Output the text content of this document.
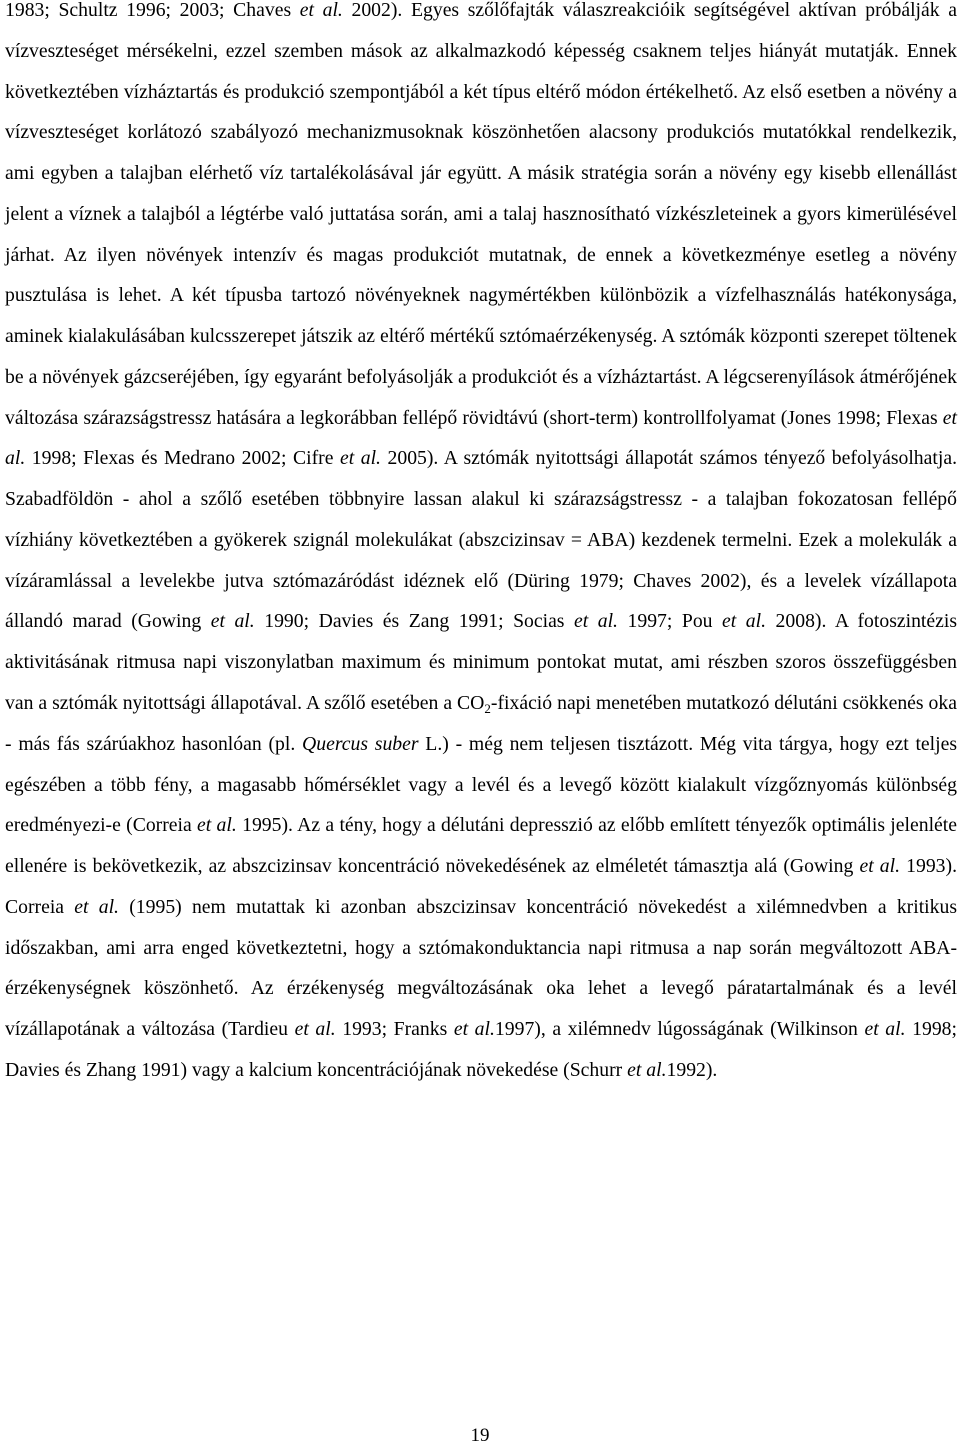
1983; Schultz 1996; 2003; Chaves et al. 2002). Egyes szőlőfajták válaszreakcióik segítségével aktívan próbálják a vízveszteséget mérsékelni, ezzel szemben mások az alkalmazkodó képesség csaknem teljes hiányát mutatják. Ennek következtében vízháztartás és produkció szempontjából a két típus eltérő módon értékelhető. Az első esetben a növény a vízveszteséget korlátozó szabályozó mechanizmusoknak köszönhetően alacsony produkciós mutatókkal rendelkezik, ami egyben a talajban elérhető víz tartalékolásával jár együtt. A másik stratégia során a növény egy kisebb ellenállást jelent a víznek a talajból a légtérbe való juttatása során, ami a talaj hasznosítható vízkészleteinek a gyors kimerülésével járhat. Az ilyen növények intenzív és magas produkciót mutatnak, de ennek a következménye esetleg a növény pusztulása is lehet. A két típusba tartozó növényeknek nagymértékben különbözik a vízfelhasználás hatékonysága, aminek kialakulásában kulcsszerepet játszik az eltérő mértékű sztómaérzékenység. A sztómák központi szerepet töltenek be a növények gázcseréjében, így egyaránt befolyásolják a produkciót és a vízháztartást. A légcserenyílások átmérőjének változása szárazságstressz hatására a legkorábban fellépő rövidtávú (short-term) kontrollfolyamat (Jones 1998; Flexas et al. 1998; Flexas és Medrano 2002; Cifre et al. 2005). A sztómák nyitottsági állapotát számos tényező befolyásolhatja. Szabadföldön - ahol a szőlő esetében többnyire lassan alakul ki szárazságstressz - a talajban fokozatosan fellépő vízhiány következtében a gyökerek szignál molekulákat (abszcizinsav = ABA) kezdenek termelni. Ezek a molekulák a vízáramlással a levelekbe jutva sztómazáródást idéznek elő (Düring 1979; Chaves 2002), és a levelek vízállapota állandó marad (Gowing et al. 1990; Davies és Zang 1991; Socias et al. 1997; Pou et al. 2008). A fotoszintézis aktivitásának ritmusa napi viszonylatban maximum és minimum pontokat mutat, ami részben szoros összefüggésben van a sztómák nyitottsági állapotával. A szőlő esetében a $CO_2$-fixáció napi menetében mutatkozó délutáni csökkenés oka - más fás szárúakhoz hasonlóan (pl. Quercus suber L.) - még nem teljesen tisztázott. Még vita tárgya, hogy ezt teljes egészében a több fény, a magasabb hőmérséklet vagy a levél és a levegő között kialakult vízgőznyomás különbség eredményezi-e (Correia et al. 1995). Az a tény, hogy a délutáni depresszió az előbb említett tényezők optimális jelenléte ellenére is bekövetkezik, az abszcizinsav koncentráció növekedésének az elméletét támasztja alá (Gowing et al. 1993). Correia et al. (1995) nem mutattak ki azonban abszcizinsav koncentráció növekedést a xilémnedvben a kritikus időszakban, ami arra enged következtetni, hogy a sztómakonduktancia napi ritmusa a nap során megváltozott ABA-érzékenységnek köszönhető. Az érzékenység megváltozásának oka lehet a levegő páratartalmának és a levél vízállapotának a változása (Tardieu et al. 1993; Franks et al.1997), a xilémnedv lúgosságának (Wilkinson et al. 1998; Davies és Zhang 1991) vagy a kalcium koncentrációjának növekedése (Schurr et al.1992).

19
